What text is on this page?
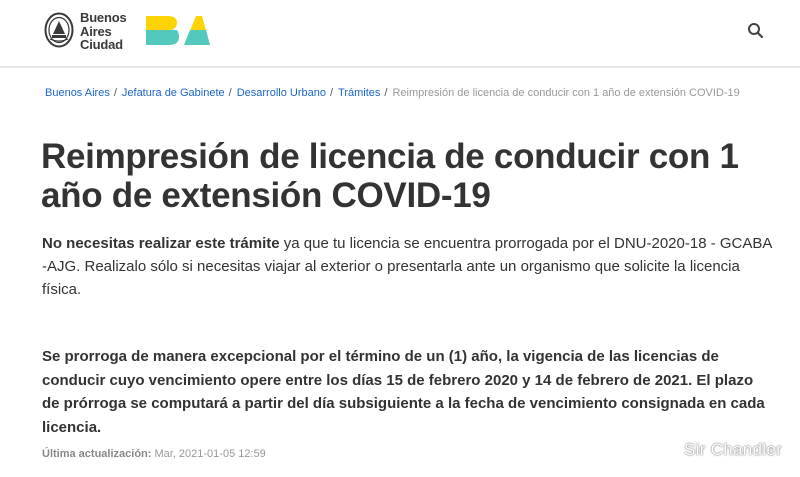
Buenos
Aires
Ciudad
Buenos Aires / Jefatura de Gabinete / Desarrollo Urbano / Trámites / Reimpresión de licencia de conducir con 1 año de extensión COVID-19
Reimpresión de licencia de conducir con 1 año de extensión COVID-19

No necesitas realizar este trámite ya que tu licencia se encuentra prorrogada por el DNU-2020-18 - GCABA -AJG. Realizalo sólo si necesitas viajar al exterior o presentarla ante un organismo que solicite la licencia física.

Se prorroga de manera excepcional por el término de un (1) año, la vigencia de las licencias de conducir cuyo vencimiento opere entre los días 15 de febrero 2020 y 14 de febrero de 2021. El plazo de prórroga se computará a partir del día subsiguiente a la fecha de vencimiento consignada en cada licencia.

Última actualización: Mar, 2021-01-05 12:59	Sir Chandler
